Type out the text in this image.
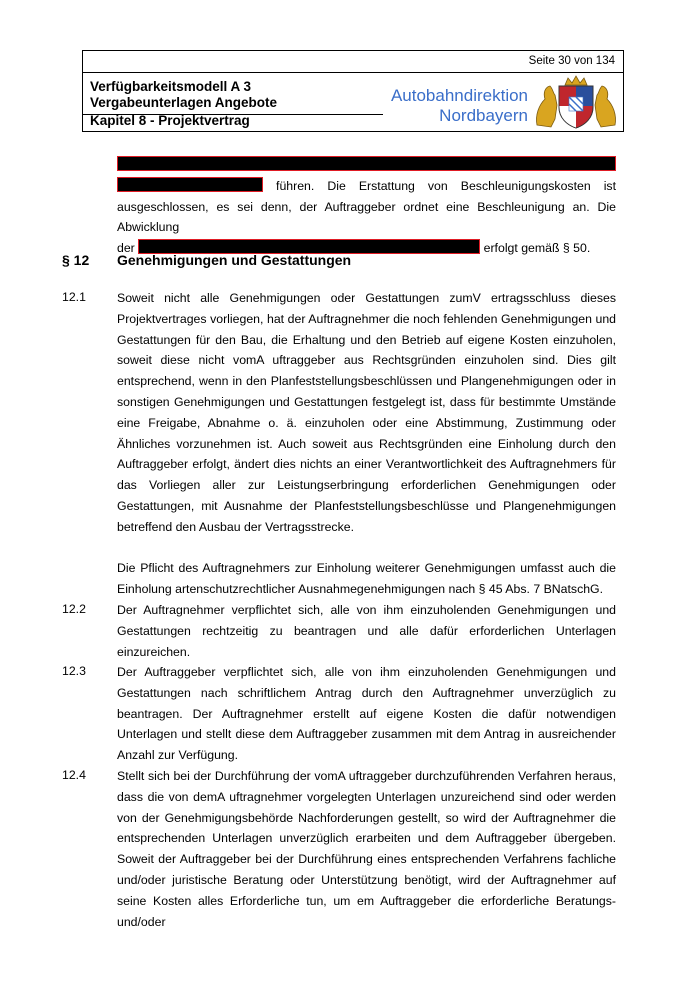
Seite 30 von 134
Verfügbarkeitsmodell A 3
Vergabeunterlagen Angebote
Kapitel 8 - Projektvertrag
Autobahndirektion
Nordbayern

führen. Die Erstattung von Beschleunigungskosten ist

ausgeschlossen, es sei denn, der Auftraggeber ordnet eine Beschleunigung an. Die Abwicklung

der	erfolgt gemäß § 50.

§ 12 Genehmigungen und Gestattungen
12.1	Soweit nicht alle Genehmigungen oder Gestattungen zumV ertragsschluss dieses Projektvertrages vorliegen, hat der Auftragnehmer die noch fehlenden Genehmigungen und Gestattungen für den Bau, die Erhaltung und den Betrieb auf eigene Kosten einzuholen, soweit diese nicht vomA uftraggeber aus Rechtsgründen einzuholen sind. Dies gilt entsprechend, wenn in den Planfeststellungsbeschlüssen und Plangenehmigungen oder in sonstigen Genehmigungen und Gestattungen festgelegt ist, dass für bestimmte Umstände eine Freigabe, Abnahme o. ä. einzuholen oder eine Abstimmung, Zustimmung oder Ähnliches vorzunehmen ist. Auch soweit aus Rechtsgründen eine Einholung durch den Auftraggeber erfolgt, ändert dies nichts an einer Verantwortlichkeit des Auftragnehmers für das Vorliegen aller zur Leistungserbringung erforderlichen Genehmigungen oder Gestattungen, mit Ausnahme der Planfeststellungsbeschlüsse und Plangenehmigungen betreffend den Ausbau der Vertragsstrecke.

Die Pflicht des Auftragnehmers zur Einholung weiterer Genehmigungen umfasst auch die Einholung artenschutzrechtlicher Ausnahmegenehmigungen nach § 45 Abs. 7 BNatschG.

12.2	Der Auftragnehmer verpflichtet sich, alle von ihm einzuholenden Genehmigungen und Gestattungen rechtzeitig zu beantragen und alle dafür erforderlichen Unterlagen einzureichen.

12.3	Der Auftraggeber verpflichtet sich, alle von ihm einzuholenden Genehmigungen und Gestattungen nach schriftlichem Antrag durch den Auftragnehmer unverzüglich zu beantragen. Der Auftragnehmer erstellt auf eigene Kosten die dafür notwendigen Unterlagen und stellt diese dem Auftraggeber zusammen mit dem Antrag in ausreichender Anzahl zur Verfügung.

12.4	Stellt sich bei der Durchführung der vomA uftraggeber durchzuführenden Verfahren heraus, dass die von demA uftragnehmer vorgelegten Unterlagen unzureichend sind oder werden von der Genehmigungsbehörde Nachforderungen gestellt, so wird der Auftragnehmer die entsprechenden Unterlagen unverzüglich erarbeiten und dem Auftraggeber übergeben. Soweit der Auftraggeber bei der Durchführung eines entsprechenden Verfahrens fachliche und/oder juristische Beratung oder Unterstützung benötigt, wird der Auftragnehmer auf seine Kosten alles Erforderliche tun, um em Auftraggeber die erforderliche Beratungs- und/oder
